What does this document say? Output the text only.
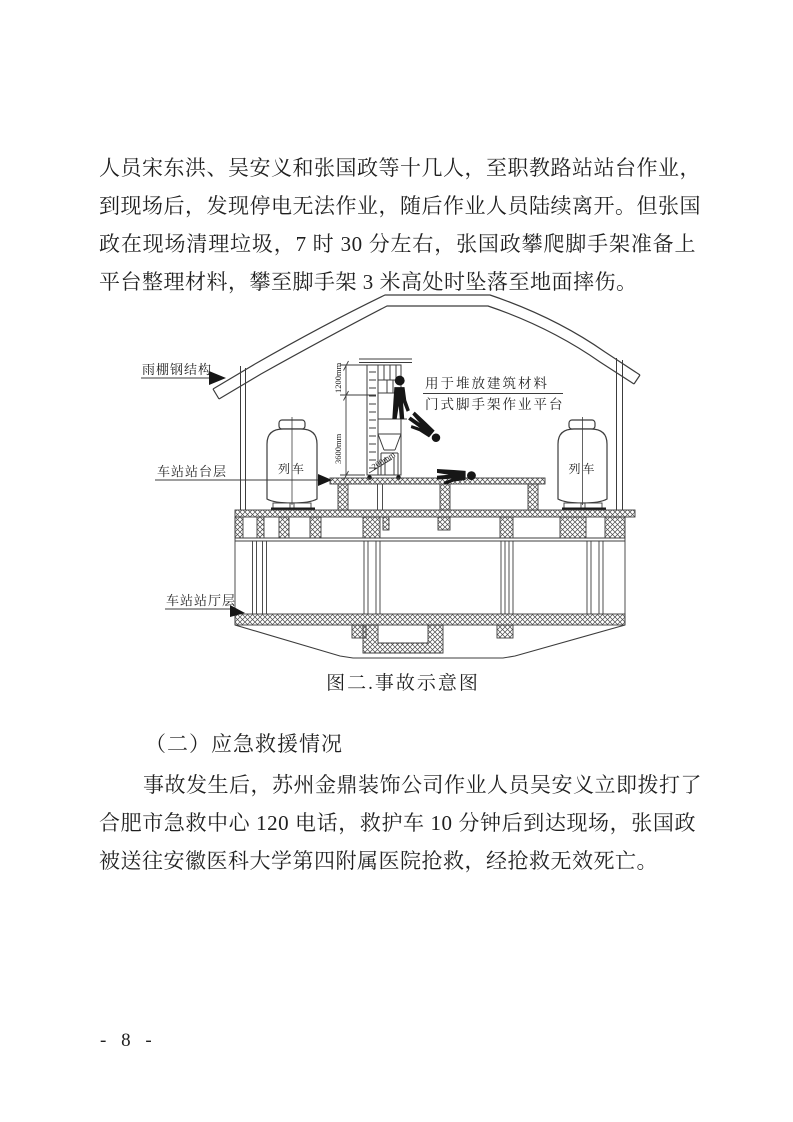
人员宋东洪、吴安义和张国政等十几人，至职教路站站台作业，
到现场后，发现停电无法作业，随后作业人员陆续离开。但张国
政在现场清理垃圾，7 时 30 分左右，张国政攀爬脚手架准备上
平台整理材料，攀至脚手架 3 米高处时坠落至地面摔伤。
雨棚钢结构
车站站台层
车站站厅层
列车	列车
用于堆放建筑材料
门式脚手架作业平台
1200mm
3600mm	200mm
图二.事故示意图
（二）应急救援情况
事故发生后，苏州金鼎装饰公司作业人员吴安义立即拨打了
合肥市急救中心 120 电话，救护车 10 分钟后到达现场，张国政
被送往安徽医科大学第四附属医院抢救，经抢救无效死亡。
- 8 -
